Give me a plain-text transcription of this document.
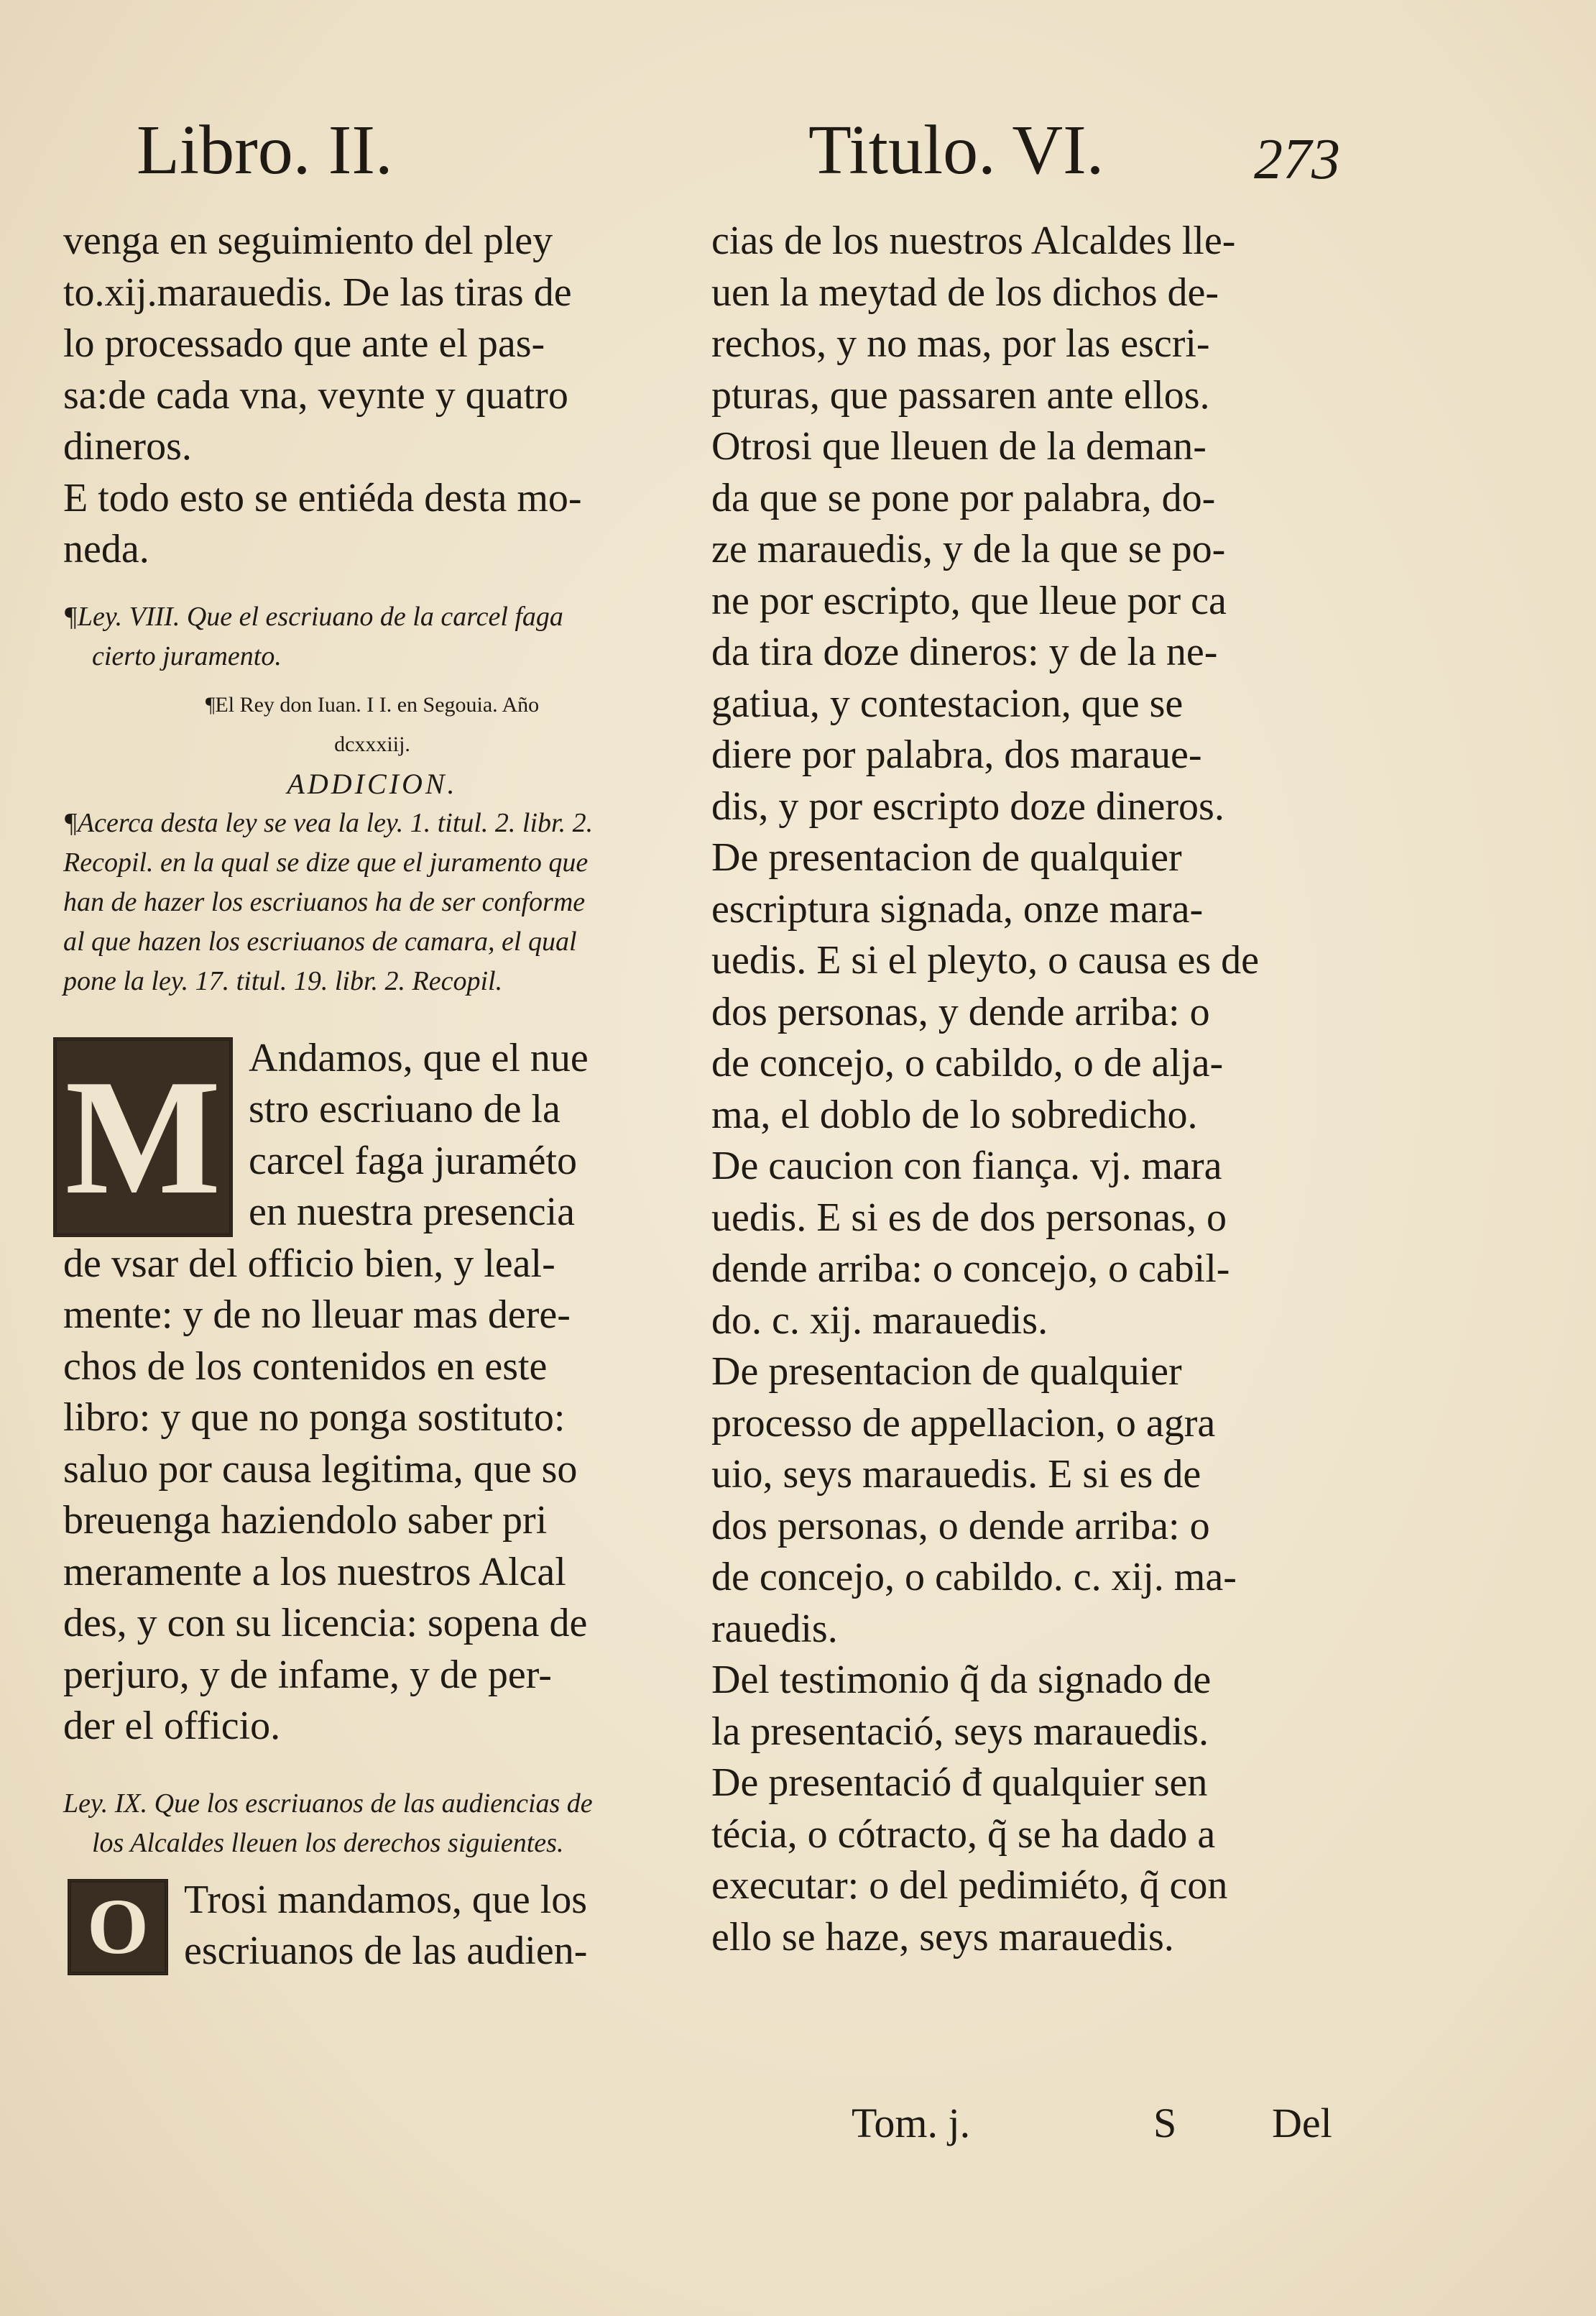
Libro. II.	Titulo. VI.	273
venga en seguimiento del pley
to.xij.marauedis. De las tiras de
lo processado que ante el pas-
sa:de cada vna, veynte y quatro
dineros.
E todo esto se entiéda desta mo-
neda.
¶Ley. VIII. Que el escriuano de la carcel faga
cierto juramento.
¶El Rey don Iuan. I I. en Segouia. Año
dcxxxiij.
ADDICION.
¶Acerca desta ley se vea la ley. 1. titul. 2. libr. 2.
Recopil. en la qual se dize que el juramento que
han de hazer los escriuanos ha de ser conforme
al que hazen los escriuanos de camara, el qual
pone la ley. 17. titul. 19. libr. 2. Recopil.
M Andamos, que el nue
stro escriuano de la
carcel faga juraméto
en nuestra presencia
de vsar del officio bien, y leal-
mente: y de no lleuar mas dere-
chos de los contenidos en este
libro: y que no ponga sostituto:
saluo por causa legitima, que so
breuenga haziendolo saber pri
meramente a los nuestros Alcal
des, y con su licencia: sopena de
perjuro, y de infame, y de per-
der el officio.
Ley. IX. Que los escriuanos de las audiencias de
los Alcaldes lleuen los derechos siguientes.
O Trosi mandamos, que los
escriuanos de las audien-
cias de los nuestros Alcaldes lle-
uen la meytad de los dichos de-
rechos, y no mas, por las escri-
pturas, que passaren ante ellos.
Otrosi que lleuen de la deman-
da que se pone por palabra, do-
ze marauedis, y de la que se po-
ne por escripto, que lleue por ca
da tira doze dineros: y de la ne-
gatiua, y contestacion, que se
diere por palabra, dos maraue-
dis, y por escripto doze dineros.
De presentacion de qualquier
escriptura signada, onze mara-
uedis. E si el pleyto, o causa es de
dos personas, y dende arriba: o
de concejo, o cabildo, o de alja-
ma, el doblo de lo sobredicho.
De caucion con fiança. vj. mara
uedis. E si es de dos personas, o
dende arriba: o concejo, o cabil-
do. c. xij. marauedis.
De presentacion de qualquier
processo de appellacion, o agra
uio, seys marauedis. E si es de
dos personas, o dende arriba: o
de concejo, o cabildo. c. xij. ma-
rauedis.
Del testimonio q̃ da signado de
la presentació, seys marauedis.
De presentació đ qualquier sen
técia, o cótracto, q̃ se ha dado a
executar: o del pedimiéto, q̃ con
ello se haze, seys marauedis.
Tom. j.	S Del
